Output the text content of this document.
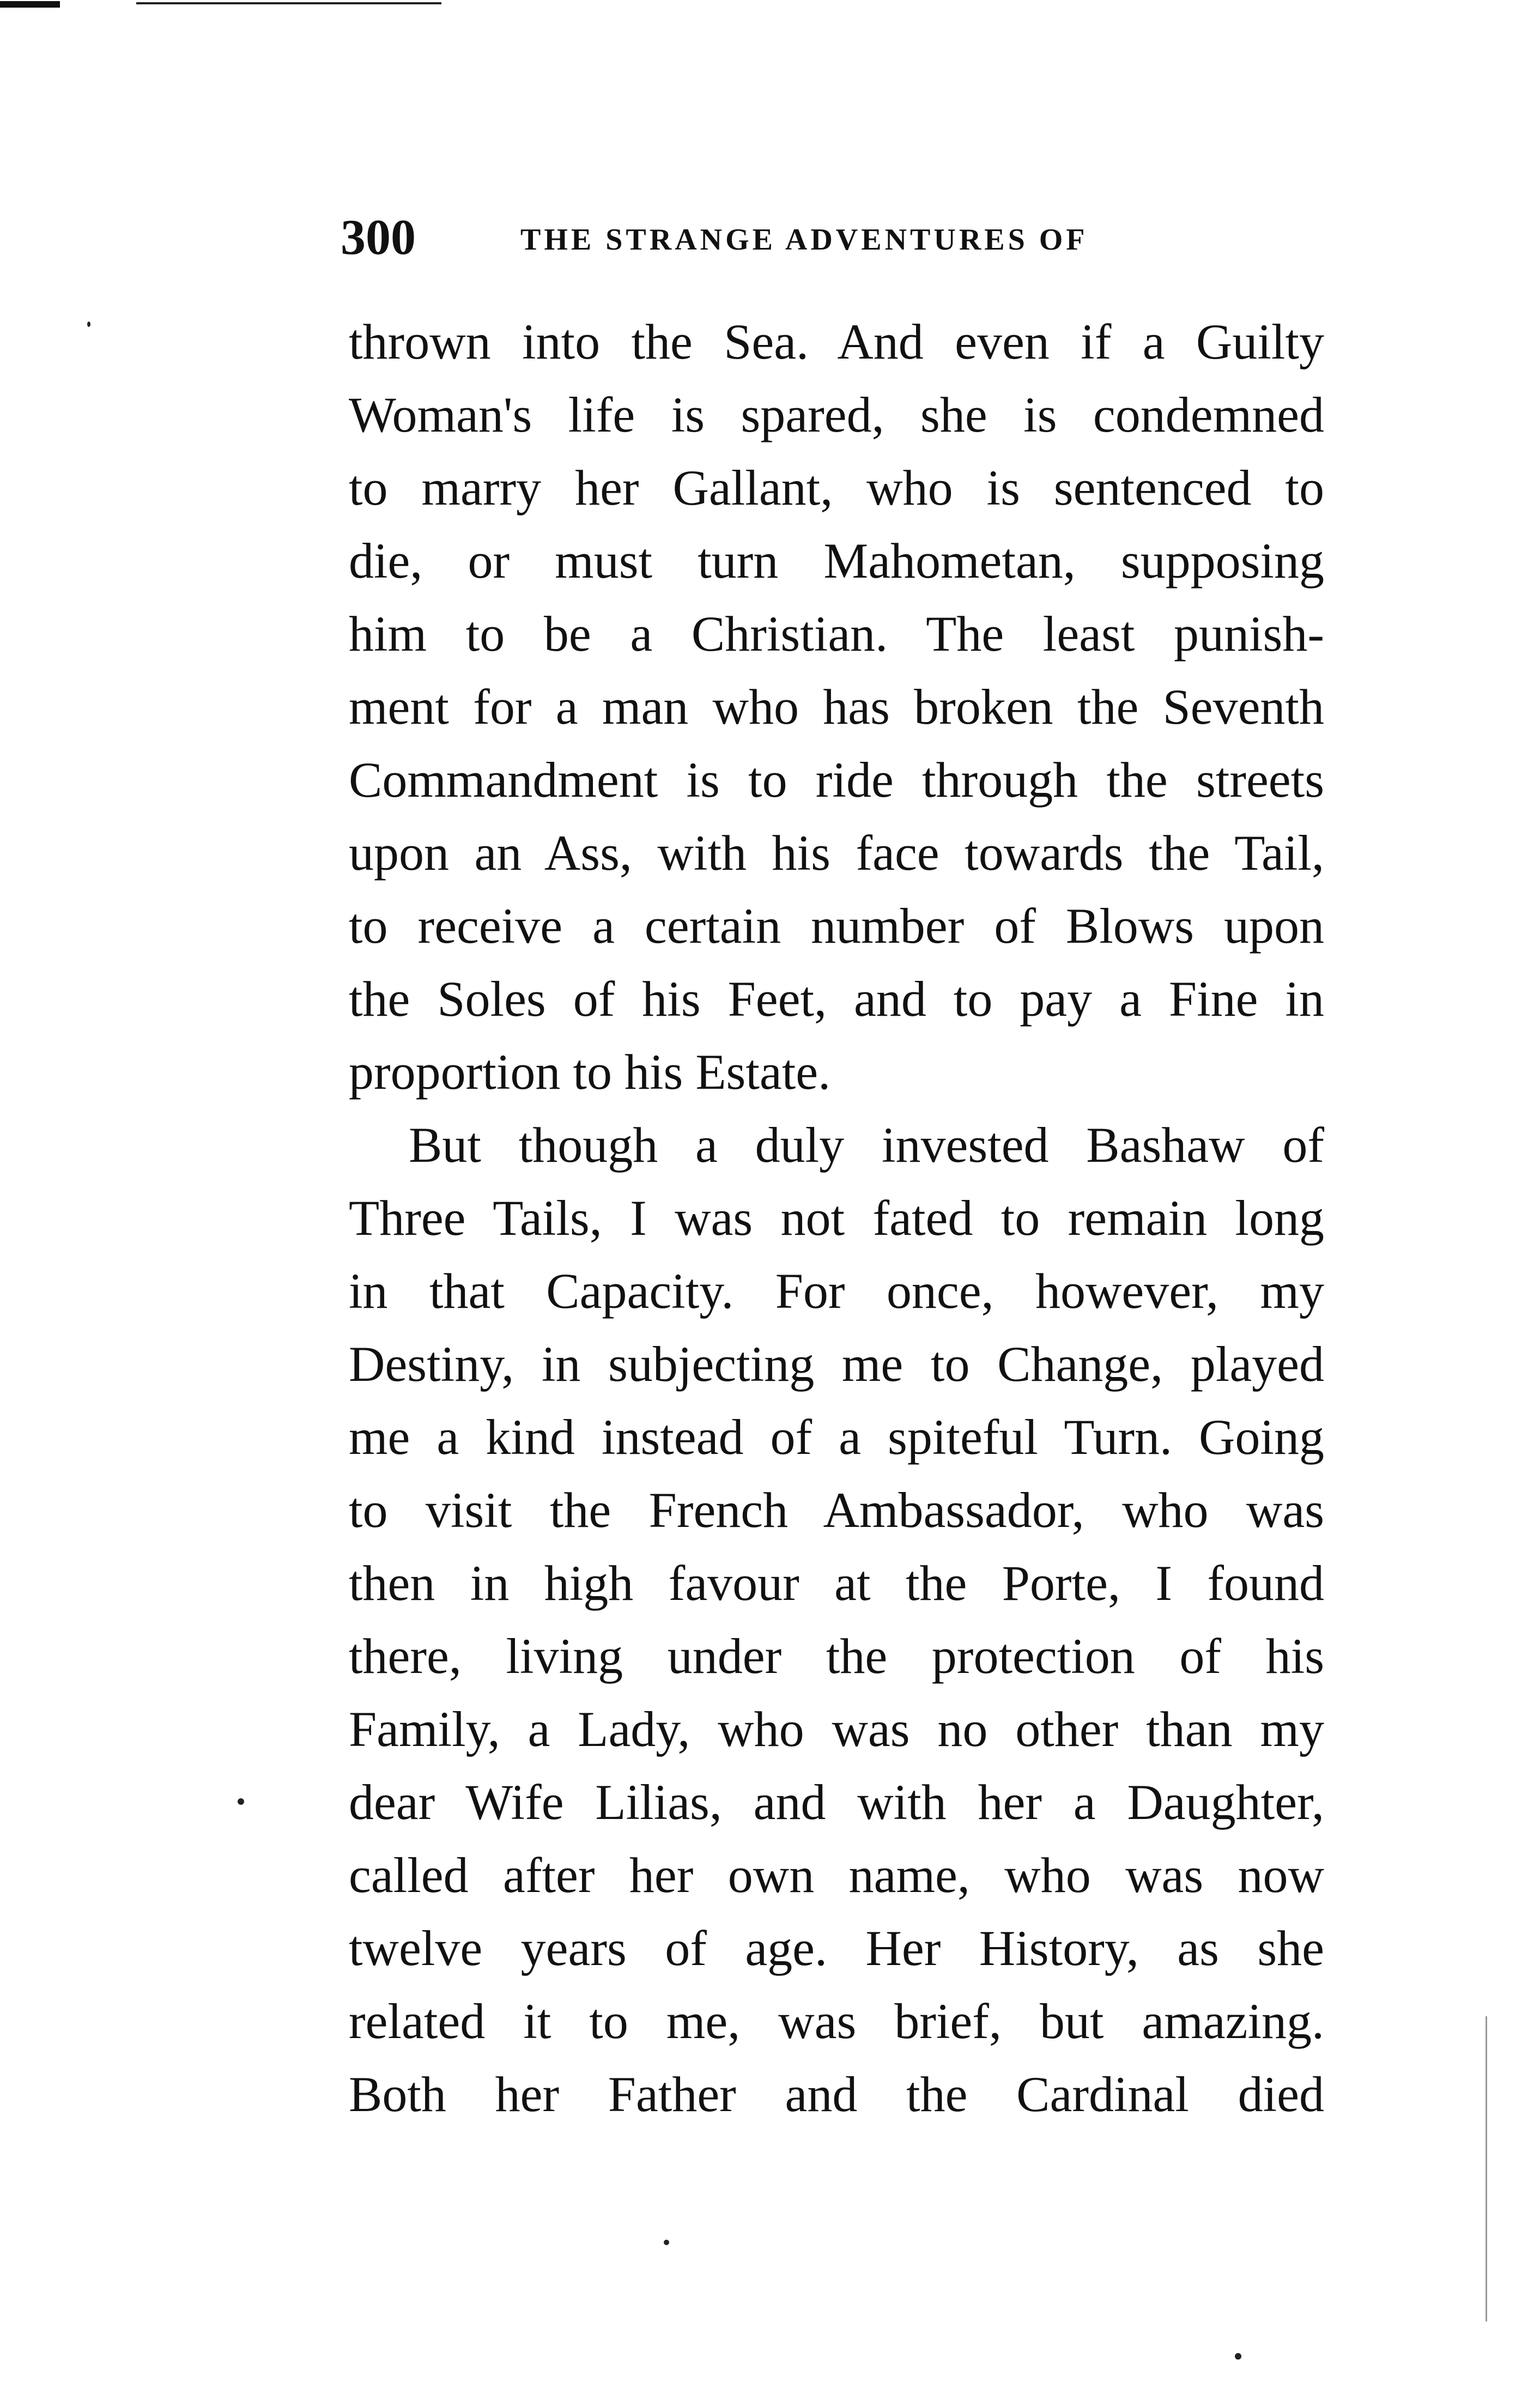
300	THE STRANGE ADVENTURES OF
thrown into the Sea. And even if a Guilty
Woman's life is spared, she is condemned
to marry her Gallant, who is sentenced to
die, or must turn Mahometan, supposing
him to be a Christian. The least punish-
ment for a man who has broken the Seventh
Commandment is to ride through the streets
upon an Ass, with his face towards the Tail,
to receive a certain number of Blows upon
the Soles of his Feet, and to pay a Fine in
proportion to his Estate.
But though a duly invested Bashaw of
Three Tails, I was not fated to remain long
in that Capacity. For once, however, my
Destiny, in subjecting me to Change, played
me a kind instead of a spiteful Turn. Going
to visit the French Ambassador, who was
then in high favour at the Porte, I found
there, living under the protection of his
Family, a Lady, who was no other than my
dear Wife Lilias, and with her a Daughter,
called after her own name, who was now
twelve years of age. Her History, as she
related it to me, was brief, but amazing.
Both her Father and the Cardinal died
